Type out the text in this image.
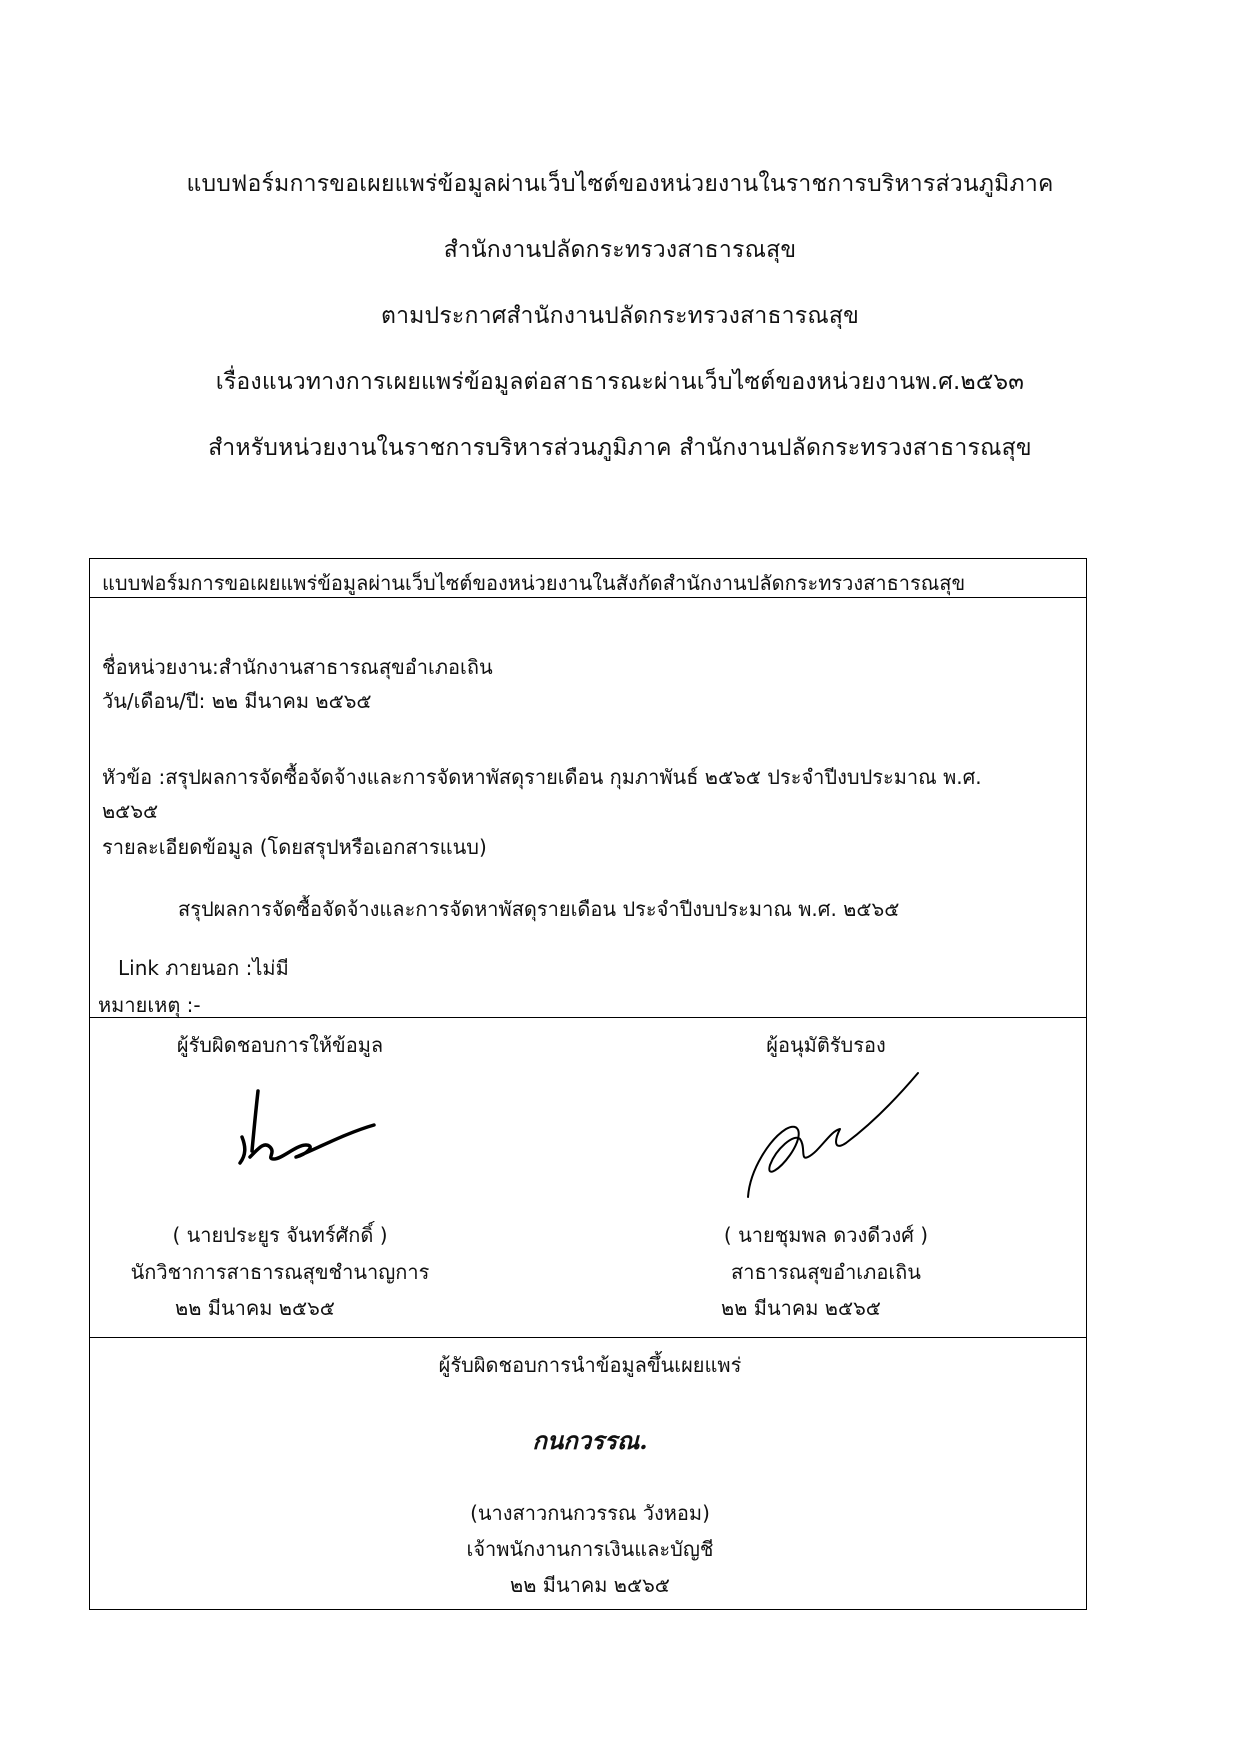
แบบฟอร์มการขอเผยแพร่ข้อมูลผ่านเว็บไซต์ของหน่วยงานในราชการบริหารส่วนภูมิภาค
สำนักงานปลัดกระทรวงสาธารณสุข
ตามประกาศสำนักงานปลัดกระทรวงสาธารณสุข
เรื่องแนวทางการเผยแพร่ข้อมูลต่อสาธารณะผ่านเว็บไซต์ของหน่วยงานพ.ศ.๒๕๖๓
สำหรับหน่วยงานในราชการบริหารส่วนภูมิภาค สำนักงานปลัดกระทรวงสาธารณสุข
แบบฟอร์มการขอเผยแพร่ข้อมูลผ่านเว็บไซต์ของหน่วยงานในสังกัดสำนักงานปลัดกระทรวงสาธารณสุข
ชื่อหน่วยงาน:สำนักงานสาธารณสุขอำเภอเถิน
วัน/เดือน/ปี: ๒๒ มีนาคม ๒๕๖๕
หัวข้อ :สรุปผลการจัดซื้อจัดจ้างและการจัดหาพัสดุรายเดือน กุมภาพันธ์ ๒๕๖๕ ประจำปีงบประมาณ พ.ศ.
๒๕๖๕
รายละเอียดข้อมูล (โดยสรุปหรือเอกสารแนบ)
สรุปผลการจัดซื้อจัดจ้างและการจัดหาพัสดุรายเดือน ประจำปีงบประมาณ พ.ศ. ๒๕๖๕
Link ภายนอก :ไม่มี
หมายเหตุ :-
ผู้รับผิดชอบการให้ข้อมูล
( นายประยูร จันทร์ศักดิ์ )
นักวิชาการสาธารณสุขชำนาญการ
๒๒ มีนาคม ๒๕๖๕
ผู้อนุมัติรับรอง
( นายชุมพล ดวงดีวงศ์ )
สาธารณสุขอำเภอเถิน
๒๒ มีนาคม ๒๕๖๕
ผู้รับผิดชอบการนำข้อมูลขึ้นเผยแพร่
กนกวรรณ.
(นางสาวกนกวรรณ วังหอม)
เจ้าพนักงานการเงินและบัญชี
๒๒ มีนาคม ๒๕๖๕
